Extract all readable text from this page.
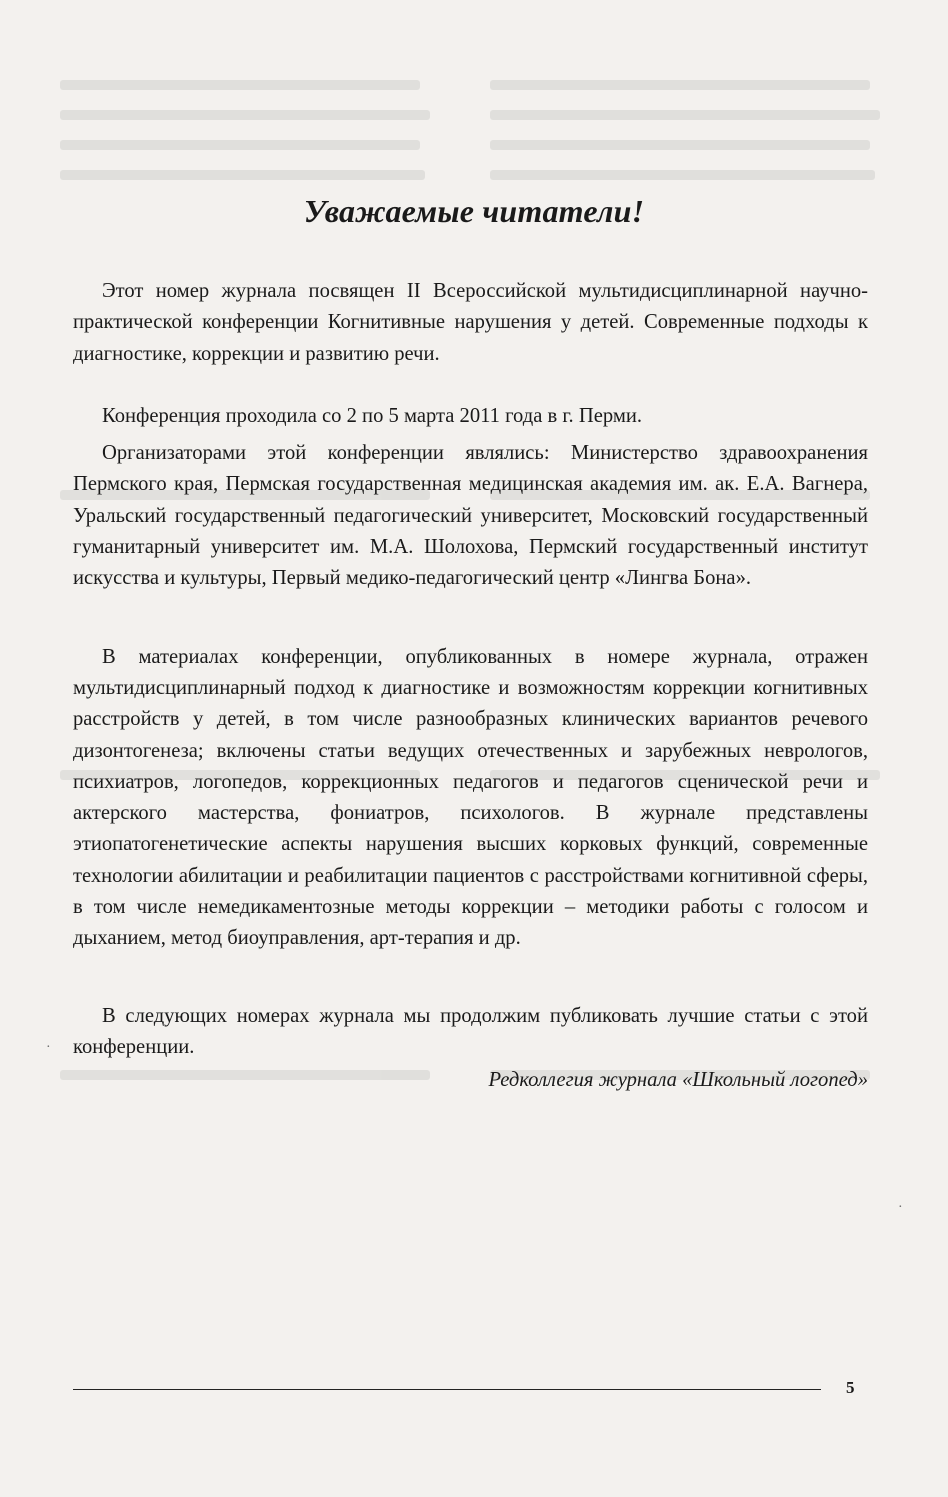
Уважаемые читатели!

Этот номер журнала посвящен II Всероссийской мультидисциплинарной научно-практической конференции Когнитивные нарушения у детей. Современные подходы к диагностике, коррекции и развитию речи.

Конференция проходила со 2 по 5 марта 2011 года в г. Перми.

Организаторами этой конференции являлись: Министерство здравоохранения Пермского края, Пермская государственная медицинская академия им. ак. Е.А. Вагнера, Уральский государственный педагогический университет, Московский государственный гуманитарный университет им. М.А. Шолохова, Пермский государственный институт искусства и культуры, Первый медико-педагогический центр «Лингва Бона».

В материалах конференции, опубликованных в номере журнала, отражен мультидисциплинарный подход к диагностике и возможностям коррекции когнитивных расстройств у детей, в том числе разнообразных клинических вариантов речевого дизонтогенеза; включены статьи ведущих отечественных и зарубежных неврологов, психиатров, логопедов, коррекционных педагогов и педагогов сценической речи и актерского мастерства, фониатров, психологов. В журнале представлены этиопатогенетические аспекты нарушения высших корковых функций, современные технологии абилитации и реабилитации пациентов с расстройствами когнитивной сферы, в том числе немедикаментозные методы коррекции – методики работы с голосом и дыханием, метод биоуправления, арт-терапия и др.

В следующих номерах журнала мы продолжим публиковать лучшие статьи с этой конференции.

Редколлегия журнала «Школьный логопед»
·
·
5
